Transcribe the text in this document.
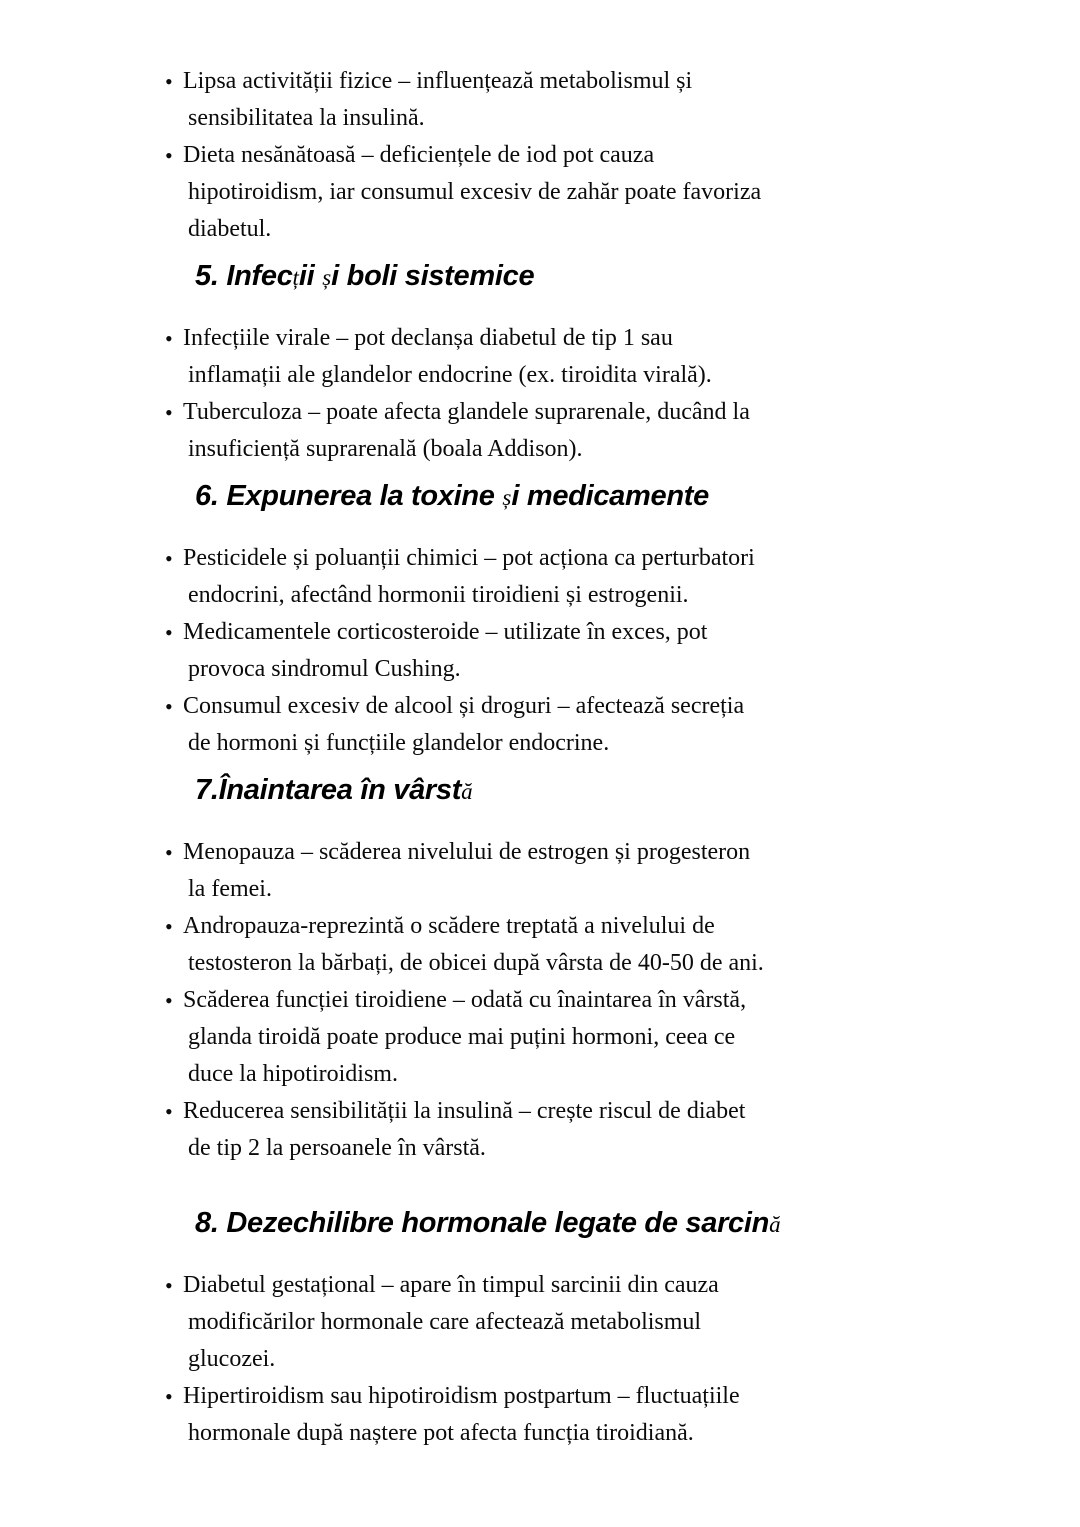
• Lipsa activității fizice – influențează metabolismul și
sensibilitatea la insulină.
• Dieta nesănătoasă – deficiențele de iod pot cauza
hipotiroidism, iar consumul excesiv de zahăr poate favoriza
diabetul.
5. Infecții și boli sistemice
• Infecțiile virale – pot declanșa diabetul de tip 1 sau
inflamații ale glandelor endocrine (ex. tiroidita virală).
• Tuberculoza – poate afecta glandele suprarenale, ducând la
insuficiență suprarenală (boala Addison).
6. Expunerea la toxine și medicamente
• Pesticidele și poluanții chimici – pot acționa ca perturbatori
endocrini, afectând hormonii tiroidieni și estrogenii.
• Medicamentele corticosteroide – utilizate în exces, pot
provoca sindromul Cushing.
• Consumul excesiv de alcool și droguri – afectează secreția
de hormoni și funcțiile glandelor endocrine.
7.Înaintarea în vârstă
• Menopauza – scăderea nivelului de estrogen și progesteron
la femei.
• Andropauza-reprezintă o scădere treptată a nivelului de
testosteron la bărbați, de obicei după vârsta de 40-50 de ani.
• Scăderea funcției tiroidiene – odată cu înaintarea în vârstă,
glanda tiroidă poate produce mai puțini hormoni, ceea ce
duce la hipotiroidism.
• Reducerea sensibilității la insulină – crește riscul de diabet
de tip 2 la persoanele în vârstă.
8. Dezechilibre hormonale legate de sarcină
• Diabetul gestațional – apare în timpul sarcinii din cauza
modificărilor hormonale care afectează metabolismul
glucozei.
• Hipertiroidism sau hipotiroidism postpartum – fluctuațiile
hormonale după naștere pot afecta funcția tiroidiană.
